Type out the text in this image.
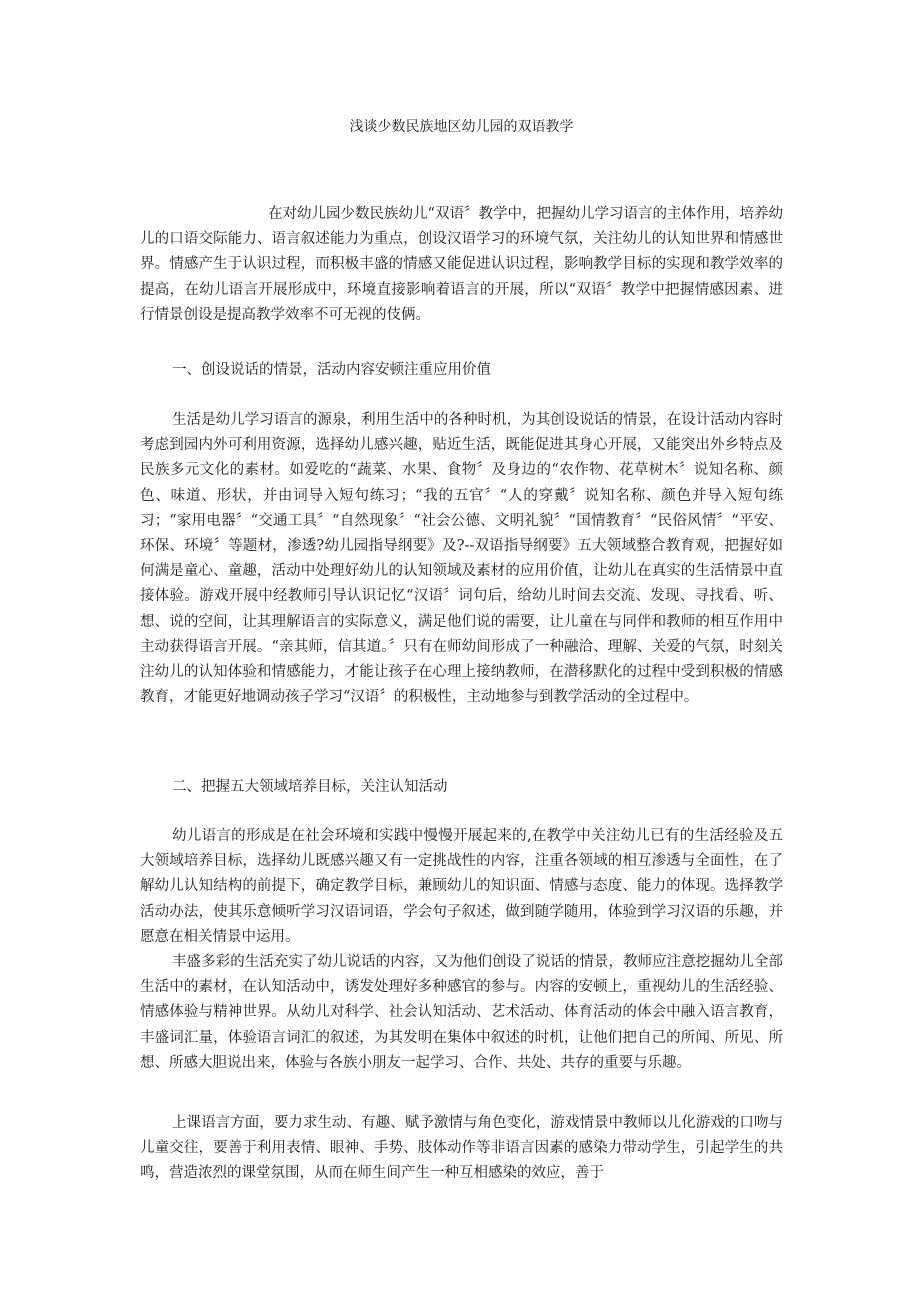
浅谈少数民族地区幼儿园的双语教学

在对幼儿园少数民族幼儿“双语〞教学中，把握幼儿学习语言的主体作用，培养幼儿的口语交际能力、语言叙述能力为重点，创设汉语学习的环境气氛，关注幼儿的认知世界和情感世界。情感产生于认识过程，而积极丰盛的情感又能促进认识过程，影响教学目标的实现和教学效率的提高，在幼儿语言开展形成中，环境直接影响着语言的开展，所以“双语〞教学中把握情感因素、进行情景创设是提高教学效率不可无视的伎俩。

一、创设说话的情景，活动内容安顿注重应用价值

生活是幼儿学习语言的源泉，利用生活中的各种时机，为其创设说话的情景，在设计活动内容时考虑到园内外可利用资源，选择幼儿感兴趣，贴近生活，既能促进其身心开展，又能突出外乡特点及民族多元文化的素材。如爱吃的“蔬菜、水果、食物〞及身边的“农作物、花草树木〞说知名称、颜色、味道、形状，并由词导入短句练习；“我的五官〞“人的穿戴〞说知名称、颜色并导入短句练习；“家用电器〞“交通工具〞“自然现象〞“社会公德、文明礼貌〞“国情教育〞“民俗风情〞“平安、环保、环境〞等题材，渗透?幼儿园指导纲要》及?--双语指导纲要》五大领域整合教育观，把握好如何满是童心、童趣，活动中处理好幼儿的认知领域及素材的应用价值，让幼儿在真实的生活情景中直接体验。游戏开展中经教师引导认识记忆“汉语〞词句后，给幼儿时间去交流、发现、寻找看、听、想、说的空间，让其理解语言的实际意义，满足他们说的需要，让儿童在与同伴和教师的相互作用中主动获得语言开展。“亲其师，信其道。〞只有在师幼间形成了一种融洽、理解、关爱的气氛，时刻关注幼儿的认知体验和情感能力，才能让孩子在心理上接纳教师，在潜移默化的过程中受到积极的情感教育，才能更好地调动孩子学习“汉语〞的积极性，主动地参与到教学活动的全过程中。

二、把握五大领域培养目标，关注认知活动

幼儿语言的形成是在社会环境和实践中慢慢开展起来的,在教学中关注幼儿已有的生活经验及五大领域培养目标，选择幼儿既感兴趣又有一定挑战性的内容，注重各领域的相互渗透与全面性，在了解幼儿认知结构的前提下，确定教学目标，兼顾幼儿的知识面、情感与态度、能力的体现。选择教学活动办法，使其乐意倾听学习汉语词语，学会句子叙述，做到随学随用，体验到学习汉语的乐趣，并愿意在相关情景中运用。

丰盛多彩的生活充实了幼儿说话的内容，又为他们创设了说话的情景，教师应注意挖掘幼儿全部生活中的素材，在认知活动中，诱发处理好多种感官的参与。内容的安顿上，重视幼儿的生活经验、情感体验与精神世界。从幼儿对科学、社会认知活动、艺术活动、体育活动的体会中融入语言教育，丰盛词汇量，体验语言词汇的叙述，为其发明在集体中叙述的时机，让他们把自己的所闻、所见、所想、所感大胆说出来，体验与各族小朋友一起学习、合作、共处、共存的重要与乐趣。

上课语言方面，要力求生动、有趣、赋予激情与角色变化，游戏情景中教师以儿化游戏的口吻与儿童交往，要善于利用表情、眼神、手势、肢体动作等非语言因素的感染力带动学生，引起学生的共鸣，营造浓烈的课堂氛围，从而在师生间产生一种互相感染的效应，善于
